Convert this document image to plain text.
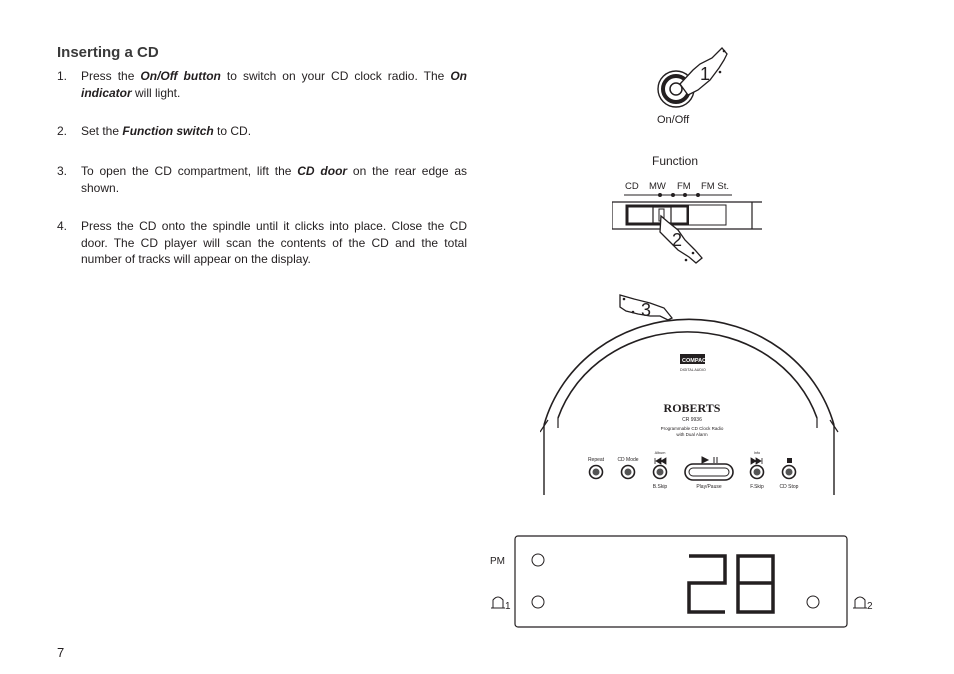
Inserting a CD
1. Press the On/Off button to switch on your CD clock radio. The On indicator will light.
2. Set the Function switch to CD.
3. To open the CD compartment, lift the CD door on the rear edge as shown.
4. Press the CD onto the spindle until it clicks into place. Close the CD door. The CD player will scan the contents of the CD and the total number of tracks will appear on the display.
7
1
On/Off
Function
CD MW FM FM St.
2
3
COMPACT
DIGITAL AUDIO
ROBERTS
CR 9936
Programmable CD Clock Radio
with Dual Alarm
Repeat	CD Mode
Album
B.Skip	Play/Pause
Info
F.Skip	CD Stop
PM
1	2
28
